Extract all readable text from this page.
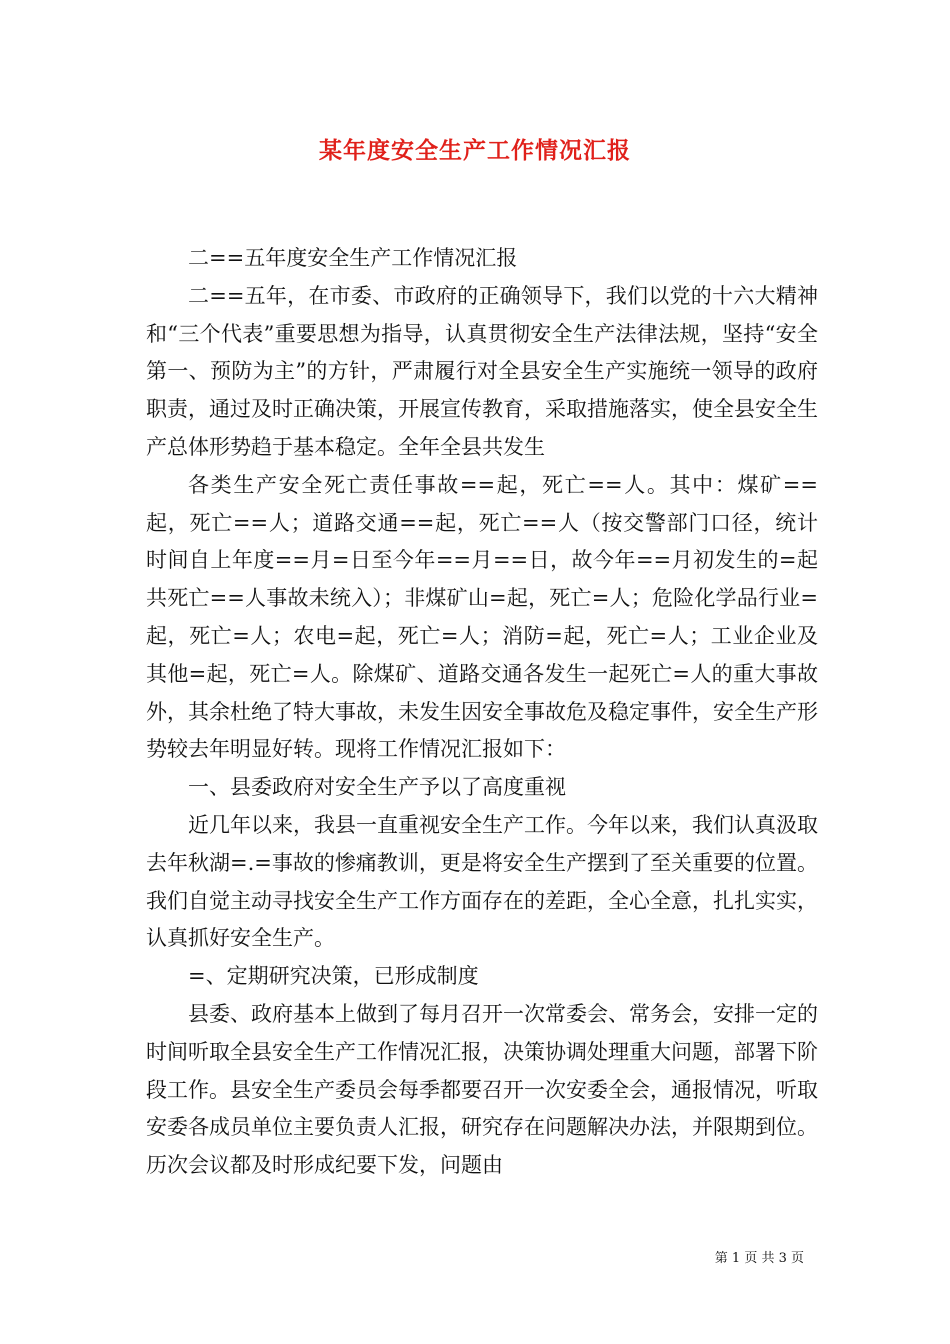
某年度安全生产工作情况汇报

二==五年度安全生产工作情况汇报

二==五年，在市委、市政府的正确领导下，我们以党的十六大精神和“三个代表”重要思想为指导，认真贯彻安全生产法律法规，坚持“安全第一、预防为主”的方针，严肃履行对全县安全生产实施统一领导的政府职责，通过及时正确决策，开展宣传教育，采取措施落实，使全县安全生产总体形势趋于基本稳定。全年全县共发生

各类生产安全死亡责任事故==起，死亡==人。其中：煤矿==起，死亡==人；道路交通==起，死亡==人（按交警部门口径，统计时间自上年度==月=日至今年==月==日，故今年==月初发生的=起共死亡==人事故未统入）；非煤矿山=起，死亡=人；危险化学品行业=起，死亡=人；农电=起，死亡=人；消防=起，死亡=人；工业企业及其他=起，死亡=人。除煤矿、道路交通各发生一起死亡=人的重大事故外，其余杜绝了特大事故，未发生因安全事故危及稳定事件，安全生产形势较去年明显好转。现将工作情况汇报如下：

一、县委政府对安全生产予以了高度重视

近几年以来，我县一直重视安全生产工作。今年以来，我们认真汲取去年秋湖=.=事故的惨痛教训，更是将安全生产摆到了至关重要的位置。我们自觉主动寻找安全生产工作方面存在的差距，全心全意，扎扎实实，认真抓好安全生产。

=、定期研究决策，已形成制度

县委、政府基本上做到了每月召开一次常委会、常务会，安排一定的时间听取全县安全生产工作情况汇报，决策协调处理重大问题，部署下阶段工作。县安全生产委员会每季都要召开一次安委全会，通报情况，听取安委各成员单位主要负责人汇报，研究存在问题解决办法，并限期到位。历次会议都及时形成纪要下发，问题由

第 1 页 共 3 页
